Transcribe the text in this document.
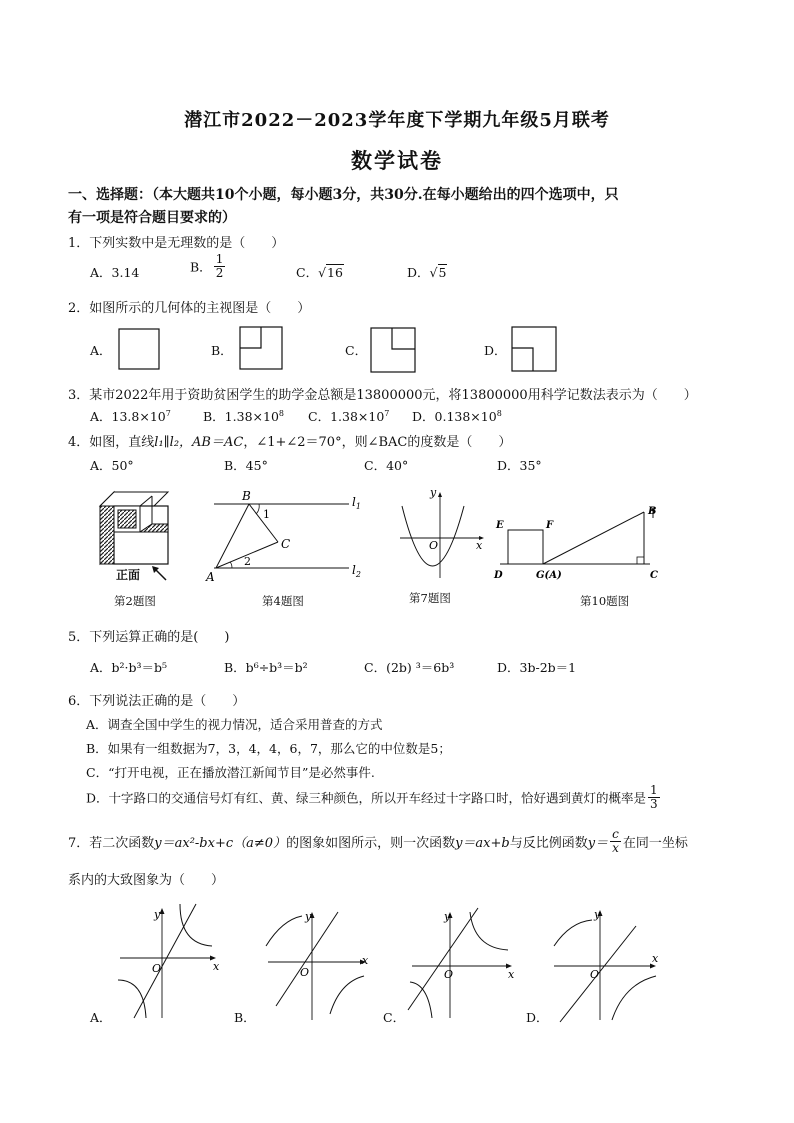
潜江市2022－2023学年度下学期九年级5月联考
数学试卷
一、选择题：（本大题共10个小题，每小题3分，共30分.在每小题给出的四个选项中，只
有一项是符合题目要求的）
1．下列实数中是无理数的是（　　）
A．3.14	B． $\frac{1}{2}$	C．√16	D．√5
2．如图所示的几何体的主视图是（　　）
A．	B．	C．	D．
3．某市2022年用于资助贫困学生的助学金总额是13800000元，将13800000用科学记数法表示为（　　）
A．$13.8\times 10^7$	B．$1.38\times 10^8$ C．$1.38\times 10^7$ D．$0.138\times 10^8$
4．如图，直线l₁∥l₂，AB＝AC，∠1+∠2＝70°，则∠BAC的度数是（　　）
A．50°	B．45°	C．40°	D．35°
正面
第2题图
B
1
C
2
A
$l_1$
$l_2$
第4题图
y
x
O
第7题图
E	F
B
D	G(A)	C
第10题图
5．下列运算正确的是(　　)
A．b²·b³＝b⁵	B．b⁶÷b³＝b²	C．(2b) ³＝6b³	D．3b-2b＝1
6．下列说法正确的是（　　）
A．调查全国中学生的视力情况，适合采用普查的方式
B．如果有一组数据为7，3，4，4，6，7，那么它的中位数是5；
C．“打开电视，正在播放潜江新闻节目”是必然事件.
D．十字路口的交通信号灯有红、黄、绿三种颜色，所以开车经过十字路口时，恰好遇到黄灯的概率是 $\frac{1}{3}$
7．若二次函数y＝ax²-bx+c（a≠0）的图象如图所示，则一次函数y＝ax+b与反比例函数$y= \frac{c}{x}$ 在同一坐标
系内的大致图象为（　　）
y
x
O
A．
y
x
O
B．
y
x
O
C．
y
x
O
D．
